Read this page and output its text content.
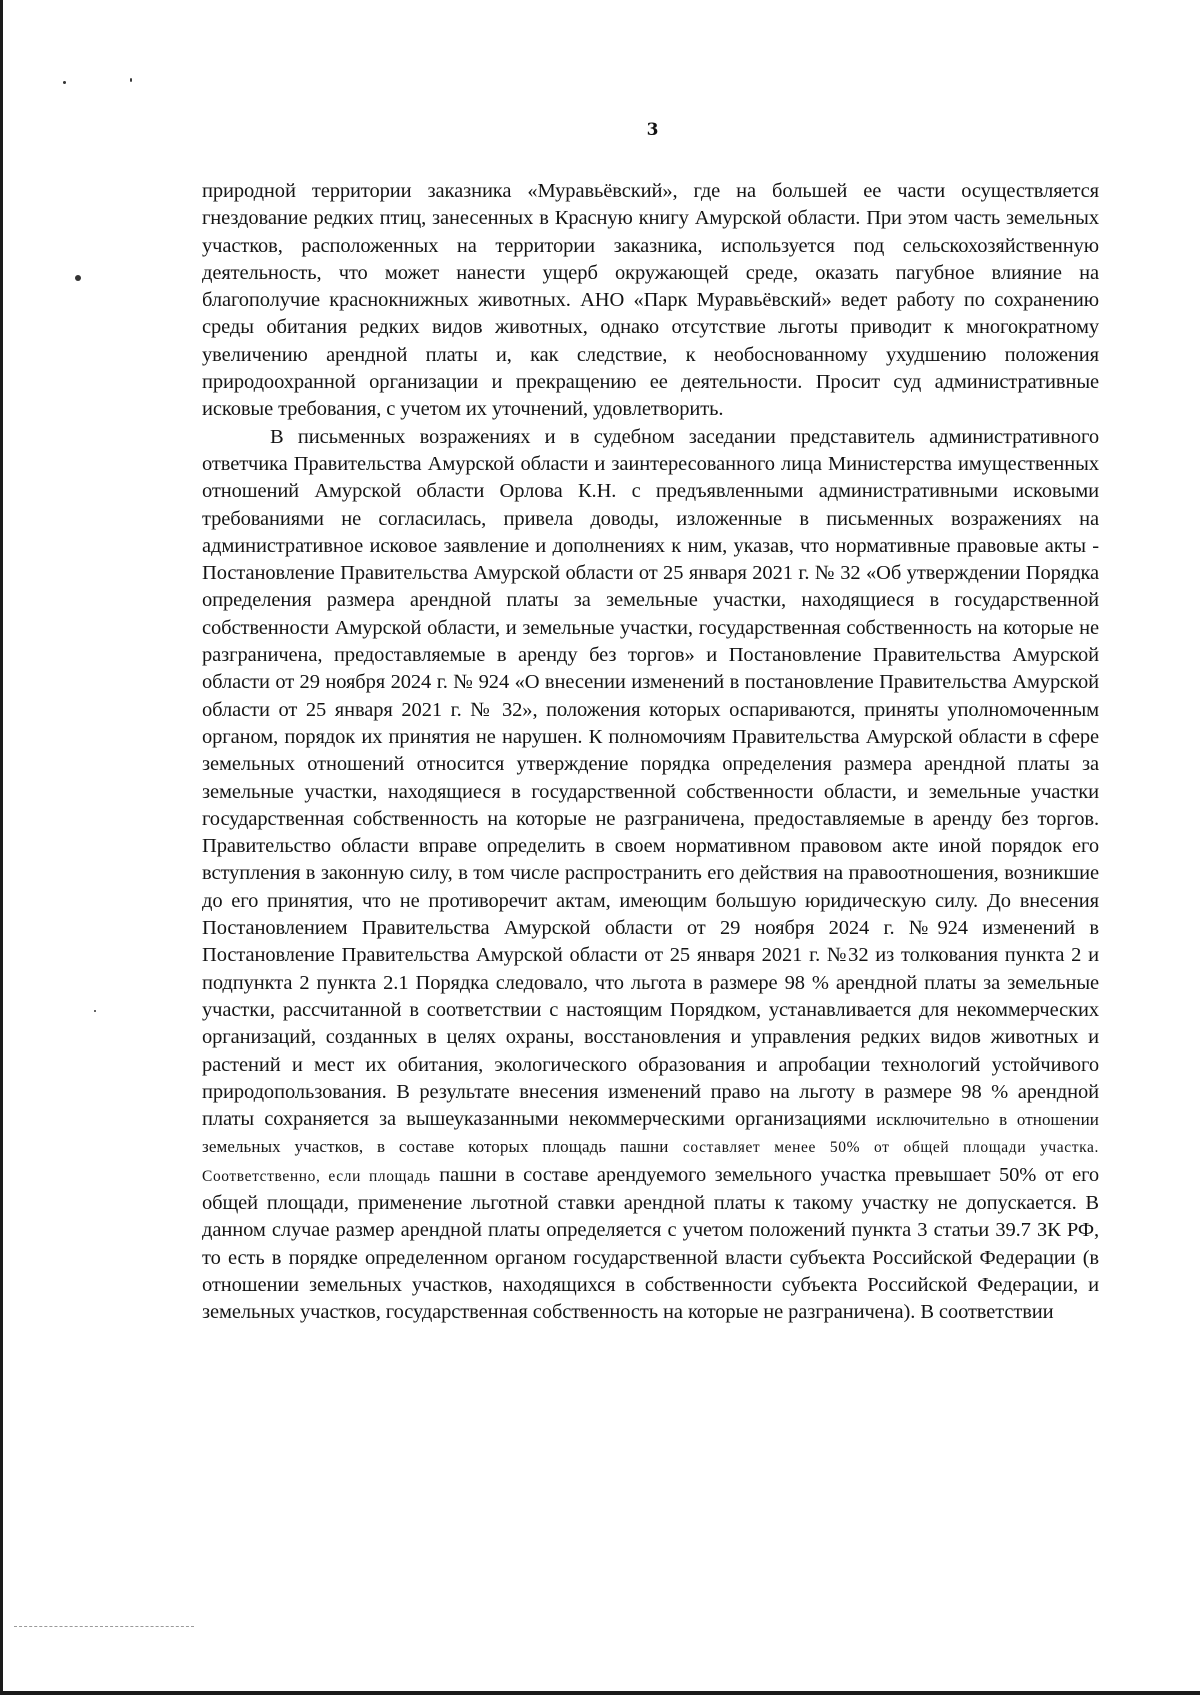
3

природной территории заказника «Муравьёвский», где на большей ее части осуществляется гнездование редких птиц, занесенных в Красную книгу Амурской области. При этом часть земельных участков, расположенных на территории заказника, используется под сельскохозяйственную деятельность, что может нанести ущерб окружающей среде, оказать пагубное влияние на благополучие краснокнижных животных. АНО «Парк Муравьёвский» ведет работу по сохранению среды обитания редких видов животных, однако отсутствие льготы приводит к многократному увеличению арендной платы и, как следствие, к необоснованному ухудшению положения природоохранной организации и прекращению ее деятельности. Просит суд административные исковые требования, с учетом их уточнений, удовлетворить.

В письменных возражениях и в судебном заседании представитель административного ответчика Правительства Амурской области и заинтересованного лица Министерства имущественных отношений Амурской области Орлова К.Н. с предъявленными административными исковыми требованиями не согласилась, привела доводы, изложенные в письменных возражениях на административное исковое заявление и дополнениях к ним, указав, что нормативные правовые акты - Постановление Правительства Амурской области от 25 января 2021 г. № 32 «Об утверждении Порядка определения размера арендной платы за земельные участки, находящиеся в государственной собственности Амурской области, и земельные участки, государственная собственность на которые не разграничена, предоставляемые в аренду без торгов» и Постановление Правительства Амурской области от 29 ноября 2024 г. № 924 «О внесении изменений в постановление Правительства Амурской области от 25 января 2021 г. № 32», положения которых оспариваются, приняты уполномоченным органом, порядок их принятия не нарушен. К полномочиям Правительства Амурской области в сфере земельных отношений относится утверждение порядка определения размера арендной платы за земельные участки, находящиеся в государственной собственности области, и земельные участки государственная собственность на которые не разграничена, предоставляемые в аренду без торгов. Правительство области вправе определить в своем нормативном правовом акте иной порядок его вступления в законную силу, в том числе распространить его действия на правоотношения, возникшие до его принятия, что не противоречит актам, имеющим большую юридическую силу. До внесения Постановлением Правительства Амурской области от 29 ноября 2024 г. №924 изменений в Постановление Правительства Амурской области от 25 января 2021 г. №32 из толкования пункта 2 и подпункта 2 пункта 2.1 Порядка следовало, что льгота в размере 98 % арендной платы за земельные участки, рассчитанной в соответствии с настоящим Порядком, устанавливается для некоммерческих организаций, созданных в целях охраны, восстановления и управления редких видов животных и растений и мест их обитания, экологического образования и апробации технологий устойчивого природопользования. В результате внесения изменений право на льготу в размере 98 % арендной платы сохраняется за вышеуказанными некоммерческими организациями исключительно в отношении земельных участков, в составе которых площадь пашни составляет менее 50% от общей площади участка. Соответственно, если площадь пашни в составе арендуемого земельного участка превышает 50% от его общей площади, применение льготной ставки арендной платы к такому участку не допускается. В данном случае размер арендной платы определяется с учетом положений пункта 3 статьи 39.7 ЗК РФ, то есть в порядке определенном органом государственной власти субъекта Российской Федерации (в отношении земельных участков, находящихся в собственности субъекта Российской Федерации, и земельных участков, государственная собственность на которые не разграничена). В соответствии
